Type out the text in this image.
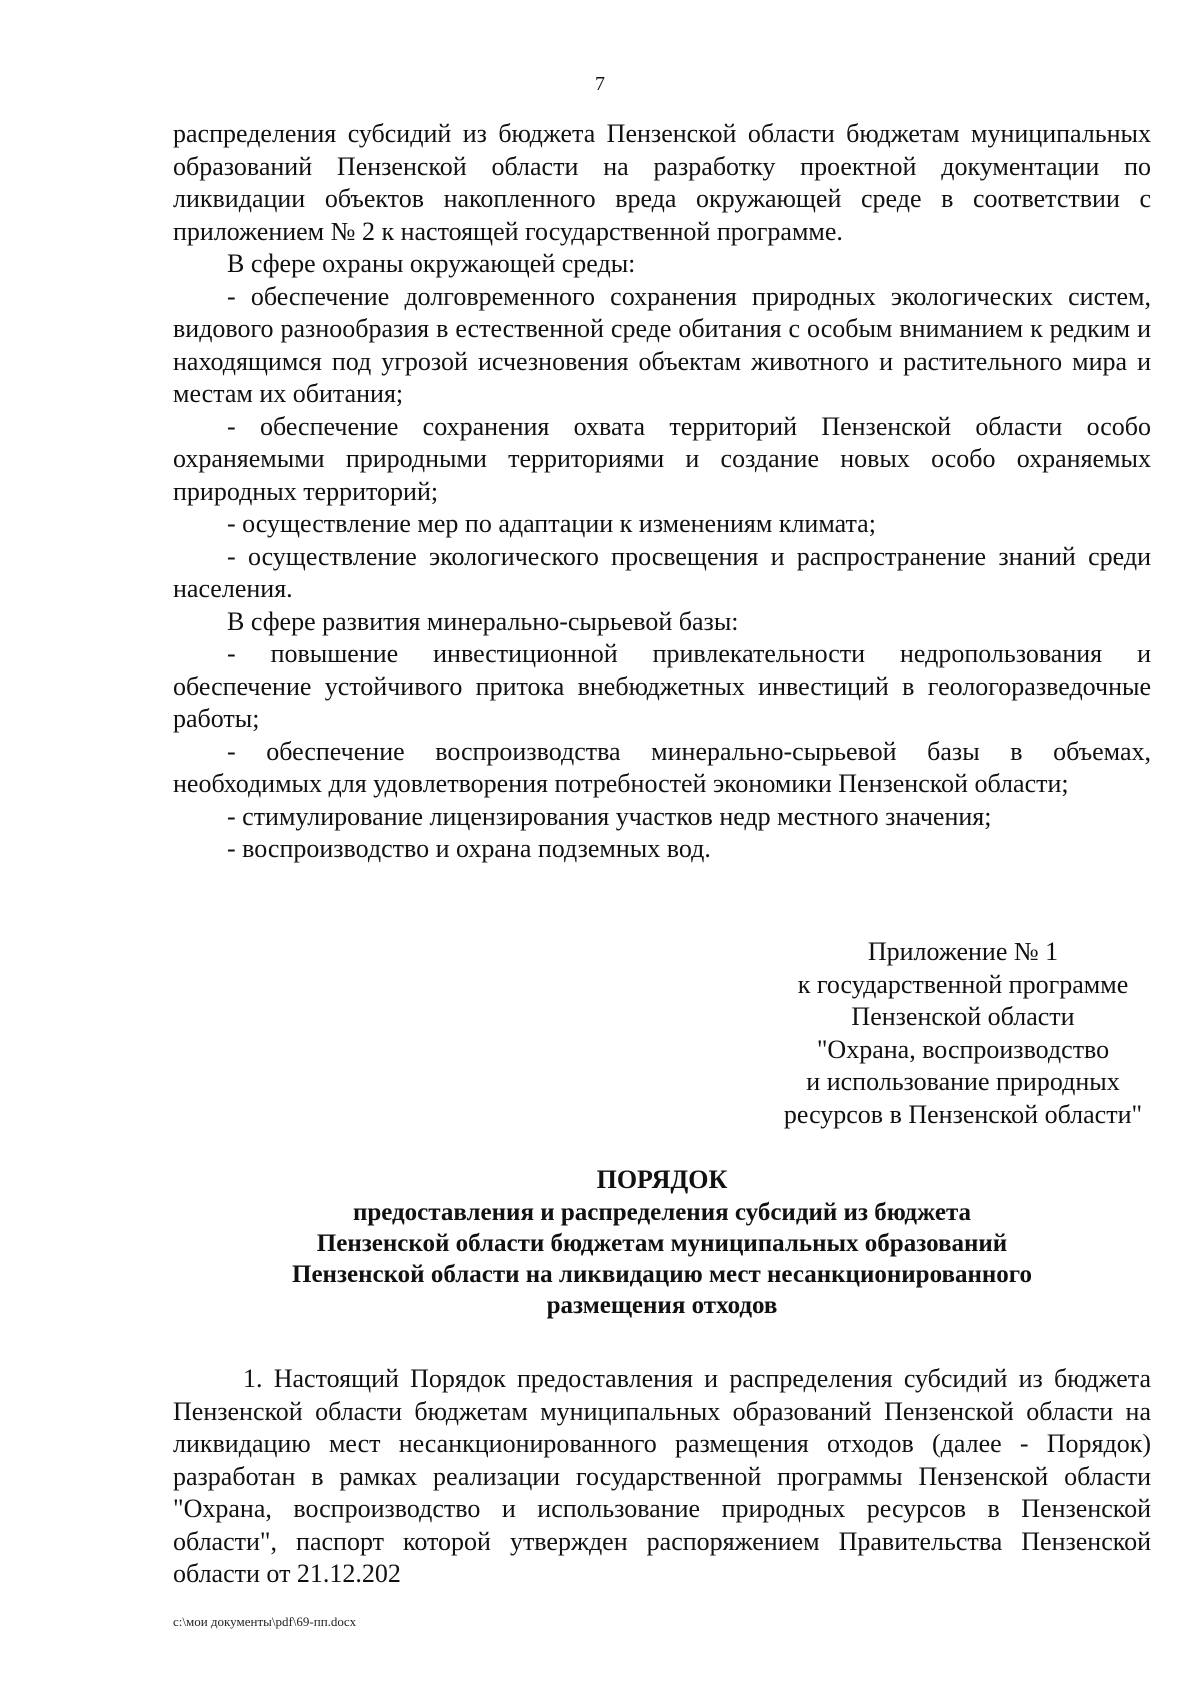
7

распределения субсидий из бюджета Пензенской области бюджетам муниципальных образований Пензенской области на разработку проектной документации по ликвидации объектов накопленного вреда окружающей среде в соответствии с приложением № 2 к настоящей государственной программе.

В сфере охраны окружающей среды:

- обеспечение долговременного сохранения природных экологических систем, видового разнообразия в естественной среде обитания с особым вниманием к редким и находящимся под угрозой исчезновения объектам животного и растительного мира и местам их обитания;

- обеспечение сохранения охвата территорий Пензенской области особо охраняемыми природными территориями и создание новых особо охраняемых природных территорий;

- осуществление мер по адаптации к изменениям климата;

- осуществление экологического просвещения и распространение знаний среди населения.

В сфере развития минерально-сырьевой базы:

- повышение инвестиционной привлекательности недропользования и обеспечение устойчивого притока внебюджетных инвестиций в геологоразведочные работы;

- обеспечение воспроизводства минерально-сырьевой базы в объемах, необходимых для удовлетворения потребностей экономики Пензенской области;

- стимулирование лицензирования участков недр местного значения;

- воспроизводство и охрана подземных вод.

Приложение № 1
к государственной программе
Пензенской области
"Охрана, воспроизводство
и использование природных
ресурсов в Пензенской области"
ПОРЯДОК
предоставления и распределения субсидий из бюджета
Пензенской области бюджетам муниципальных образований
Пензенской области на ликвидацию мест несанкционированного
размещения отходов

1. Настоящий Порядок предоставления и распределения субсидий из бюджета Пензенской области бюджетам муниципальных образований Пензенской области на ликвидацию мест несанкционированного размещения отходов (далее - Порядок) разработан в рамках реализации государственной программы Пензенской области "Охрана, воспроизводство и использование природных ресурсов в Пензенской области", паспорт которой утвержден распоряжением Правительства Пензенской области от 21.12.202

c:\мои документы\pdf\69-пп.docx
